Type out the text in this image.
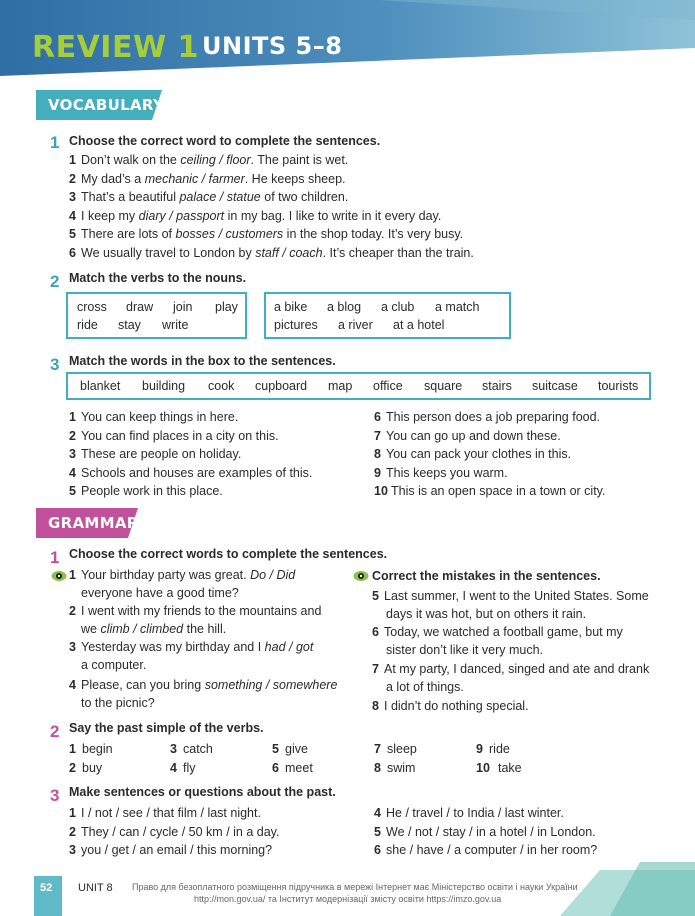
REVIEW 1 UNITS 5–8
VOCABULARY
1 Choose the correct word to complete the sentences.
2 Match the verbs to the nouns.
cross draw join play
ride stay write
a bike a blog a club a match
pictures a river at a hotel
3 Match the words in the box to the sentences.
blanket building cook cupboard map office square stairs suitcase tourists
GRAMMAR
1 Choose the correct words to complete the sentences.
Correct the mistakes in the sentences.
2 Say the past simple of the verbs.
3 Make sentences or questions about the past.
52 UNIT 8 Право для безоплатного розміщення підручника в мережі Інтернет має Міністерство освіти і науки України
http://mon.gov.ua/ та Інститут модернізації змісту освіти https://imzo.gov.ua
1 Don’t walk on the ceiling / floor. The paint is wet.
2 My dad’s a mechanic / farmer. He keeps sheep.
3 That’s a beautiful palace / statue of two children.
4 I keep my diary / passport in my bag. I like to write in it every day.
5 There are lots of bosses / customers in the shop today. It’s very busy.
6 We usually travel to London by staff / coach. It’s cheaper than the train.
1 You can keep things in here.
2 You can find places in a city on this.
3 These are people on holiday.
4 Schools and houses are examples of this.
5 People work in this place.
6 This person does a job preparing food.
7 You can go up and down these.
8 You can pack your clothes in this.
9 This keeps you warm.
10 This is an open space in a town or city.
1 Your birthday party was great. Do / Did
everyone have a good time?
2 I went with my friends to the mountains and
we climb / climbed the hill.
3 Yesterday was my birthday and I had / got
a computer.
4 Please, can you bring something / somewhere
to the picnic?
5 Last summer, I went to the United States. Some
days it was hot, but on others it rain.
6 Today, we watched a football game, but my
sister don’t like it very much.
7 At my party, I danced, singed and ate and drank
a lot of things.
8 I didn’t do nothing special.
1 begin	3 catch	5 give	7 sleep	9 ride
2 buy	4 fly	6 meet	8 swim	10 take
1 I / not / see / that film / last night.
2 They / can / cycle / 50 km / in a day.
3 you / get / an email / this morning?
4 He / travel / to India / last winter.
5 We / not / stay / in a hotel / in London.
6 she / have / a computer / in her room?
